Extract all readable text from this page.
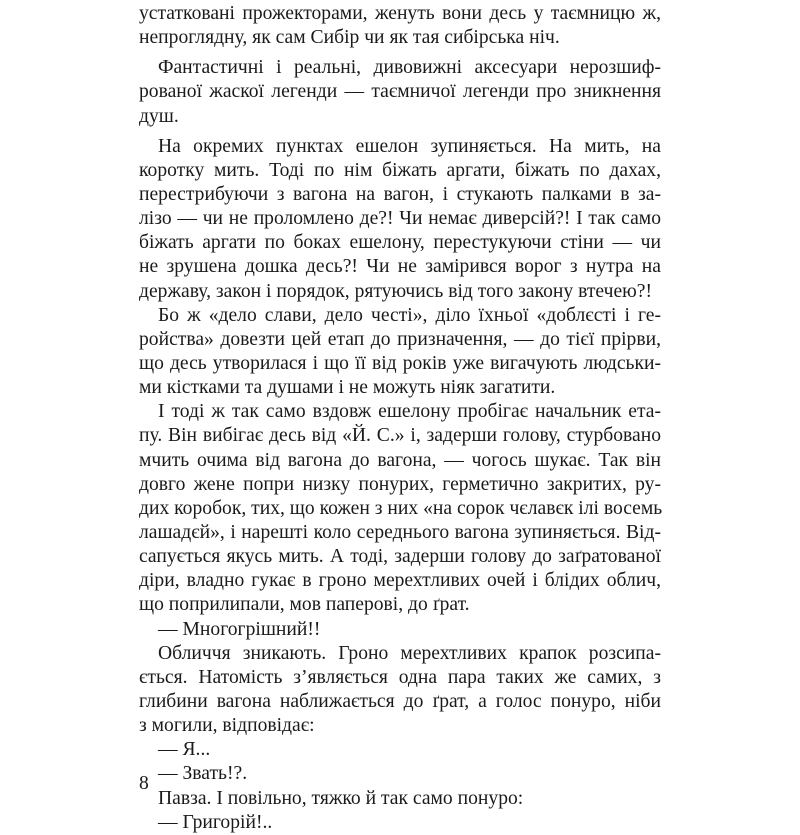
устаткованi прожекторами, женуть вони десь у таємницю ж,
непроглядну, як сам Сибір чи як тая сибірська ніч.
Фантастичні і реальні, дивовижні аксесуари нерозшиф-
рованої жаскої легенди — таємничої легенди про зникнення
душ.
На окремих пунктах ешелон зупиняється. На мить, на
коротку мить. Тоді по нім біжать аргати, біжать по дахах,
перестрибуючи з вагона на вагон, і стукають палками в за-
лізо — чи не проломлено де?! Чи немає диверсій?! І так само
біжать аргати по боках ешелону, перестукуючи стіни — чи
не зрушена дошка десь?! Чи не замірився ворог з нутра на
державу, закон і порядок, рятуючись від того закону втечею?!
Бо ж «дело слави, дело честі», діло їхньої «доблєсті і ге-
ройства» довезти цей етап до призначення, — до тієї прірви,
що десь утворилася і що її від років уже вигачують людськи-
ми кістками та душами і не можуть ніяк загатити.
І тоді ж так само вздовж ешелону пробігає начальник ета-
пу. Він вибігає десь від «Й. С.» і, задерши голову, стурбовано
мчить очима від вагона до вагона, — чогось шукає. Так він
довго жене попри низку понурих, герметично закритих, ру-
дих коробок, тих, що кожен з них «на сорок чєлавєк ілі восемь
лашадєй», і нарешті коло середнього вагона зупиняється. Від-
сапується якусь мить. А тоді, задерши голову до заґратованої
діри, владно гукає в гроно мерехтливих очей і блідих облич,
що поприлипали, мов паперові, до ґрат.
— Многогрішний!!
Обличчя зникають. Гроно мерехтливих крапок розсипа-
ється. Натомість з’являється одна пара таких же самих, з
глибини вагона наближається до ґрат, а голос понуро, ніби
з могили, відповідає:
— Я...
— Звать!?.
Павза. І повільно, тяжко й так само понуро:
— Григорій!..
8
